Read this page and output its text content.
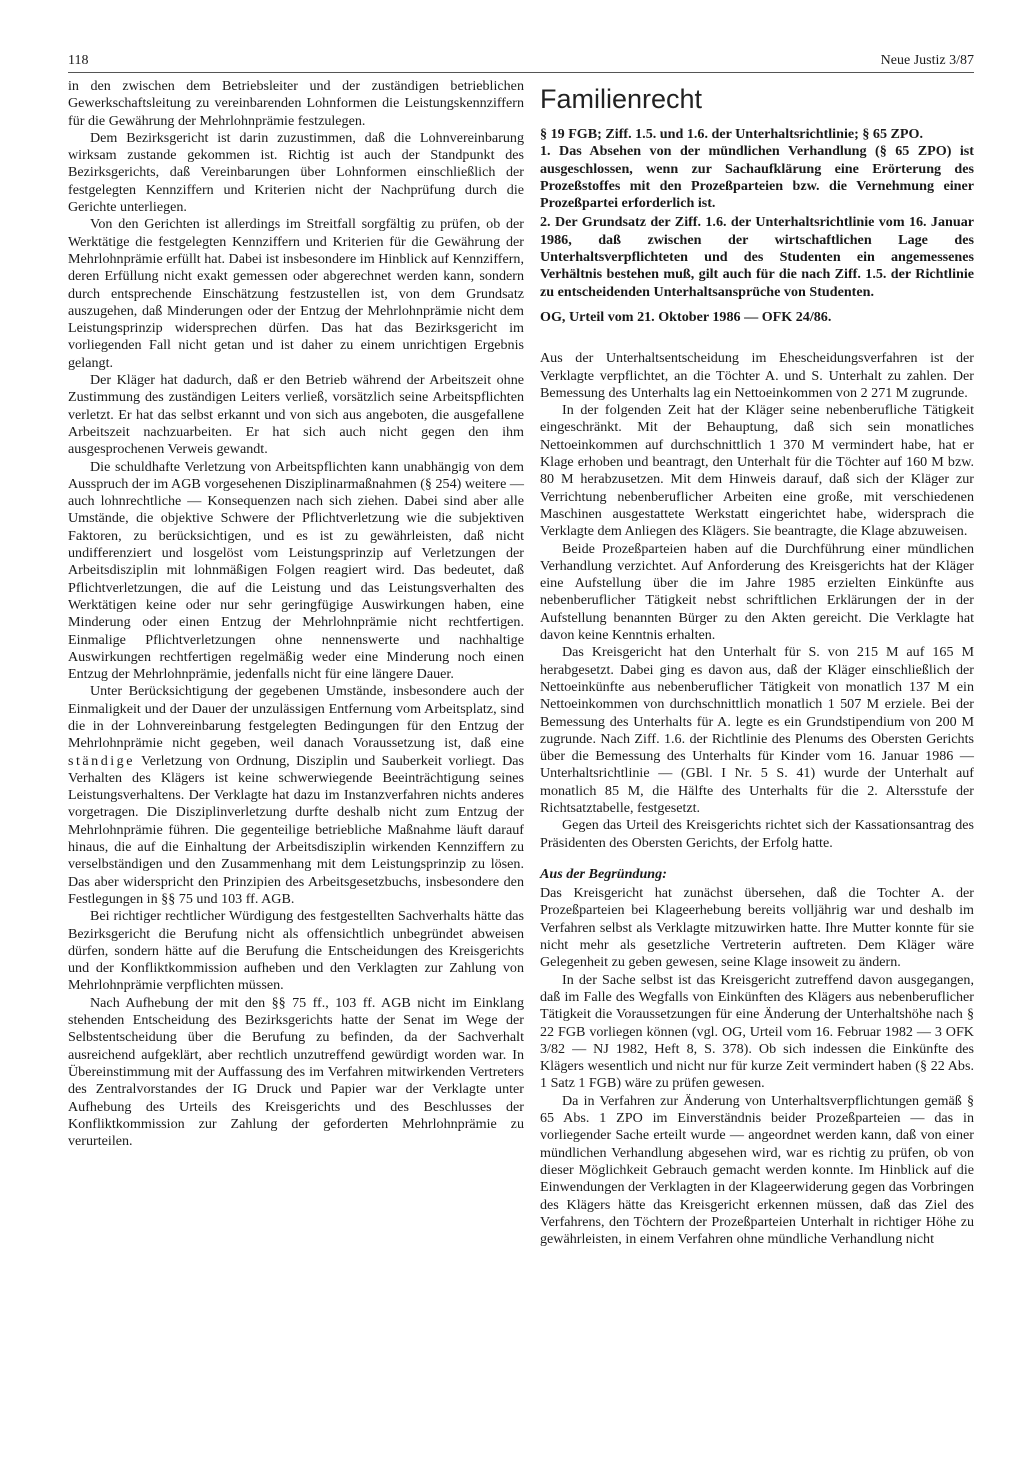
118	Neue Justiz 3/87

in den zwischen dem Betriebsleiter und der zuständigen betrieblichen Gewerkschaftsleitung zu vereinbarenden Lohnformen die Leistungskennziffern für die Gewährung der Mehrlohnprämie festzulegen.

Dem Bezirksgericht ist darin zuzustimmen, daß die Lohnvereinbarung wirksam zustande gekommen ist. Richtig ist auch der Standpunkt des Bezirksgerichts, daß Vereinbarungen über Lohnformen einschließlich der festgelegten Kennziffern und Kriterien nicht der Nachprüfung durch die Gerichte unterliegen.

Von den Gerichten ist allerdings im Streitfall sorgfältig zu prüfen, ob der Werktätige die festgelegten Kennziffern und Kriterien für die Gewährung der Mehrlohnprämie erfüllt hat. Dabei ist insbesondere im Hinblick auf Kennziffern, deren Erfüllung nicht exakt gemessen oder abgerechnet werden kann, sondern durch entsprechende Einschätzung festzustellen ist, von dem Grundsatz auszugehen, daß Minderungen oder der Entzug der Mehrlohnprämie nicht dem Leistungsprinzip widersprechen dürfen. Das hat das Bezirksgericht im vorliegenden Fall nicht getan und ist daher zu einem unrichtigen Ergebnis gelangt.

Der Kläger hat dadurch, daß er den Betrieb während der Arbeitszeit ohne Zustimmung des zuständigen Leiters verließ, vorsätzlich seine Arbeitspflichten verletzt. Er hat das selbst erkannt und von sich aus angeboten, die ausgefallene Arbeitszeit nachzuarbeiten. Er hat sich auch nicht gegen den ihm ausgesprochenen Verweis gewandt.

Die schuldhafte Verletzung von Arbeitspflichten kann unabhängig von dem Ausspruch der im AGB vorgesehenen Disziplinarmaßnahmen (§ 254) weitere — auch lohnrechtliche — Konsequenzen nach sich ziehen. Dabei sind aber alle Umstände, die objektive Schwere der Pflichtverletzung wie die subjektiven Faktoren, zu berücksichtigen, und es ist zu gewährleisten, daß nicht undifferenziert und losgelöst vom Leistungsprinzip auf Verletzungen der Arbeitsdisziplin mit lohnmäßigen Folgen reagiert wird. Das bedeutet, daß Pflichtverletzungen, die auf die Leistung und das Leistungsverhalten des Werktätigen keine oder nur sehr geringfügige Auswirkungen haben, eine Minderung oder einen Entzug der Mehrlohnprämie nicht rechtfertigen. Einmalige Pflichtverletzungen ohne nennenswerte und nachhaltige Auswirkungen rechtfertigen regelmäßig weder eine Minderung noch einen Entzug der Mehrlohnprämie, jedenfalls nicht für eine längere Dauer.

Unter Berücksichtigung der gegebenen Umstände, insbesondere auch der Einmaligkeit und der Dauer der unzulässigen Entfernung vom Arbeitsplatz, sind die in der Lohnvereinbarung festgelegten Bedingungen für den Entzug der Mehrlohnprämie nicht gegeben, weil danach Voraussetzung ist, daß eine ständige Verletzung von Ordnung, Disziplin und Sauberkeit vorliegt. Das Verhalten des Klägers ist keine schwerwiegende Beeinträchtigung seines Leistungsverhaltens. Der Verklagte hat dazu im Instanzverfahren nichts anderes vorgetragen. Die Disziplinverletzung durfte deshalb nicht zum Entzug der Mehrlohnprämie führen. Die gegenteilige betriebliche Maßnahme läuft darauf hinaus, die auf die Einhaltung der Arbeitsdisziplin wirkenden Kennziffern zu verselbständigen und den Zusammenhang mit dem Leistungsprinzip zu lösen. Das aber widerspricht den Prinzipien des Arbeitsgesetzbuchs, insbesondere den Festlegungen in §§ 75 und 103 ff. AGB.

Bei richtiger rechtlicher Würdigung des festgestellten Sachverhalts hätte das Bezirksgericht die Berufung nicht als offensichtlich unbegründet abweisen dürfen, sondern hätte auf die Berufung die Entscheidungen des Kreisgerichts und der Konfliktkommission aufheben und den Verklagten zur Zahlung von Mehrlohnprämie verpflichten müssen.

Nach Aufhebung der mit den §§ 75 ff., 103 ff. AGB nicht im Einklang stehenden Entscheidung des Bezirksgerichts hatte der Senat im Wege der Selbstentscheidung über die Berufung zu befinden, da der Sachverhalt ausreichend aufgeklärt, aber rechtlich unzutreffend gewürdigt worden war. In Übereinstimmung mit der Auffassung des im Verfahren mitwirkenden Vertreters des Zentralvorstandes der IG Druck und Papier war der Verklagte unter Aufhebung des Urteils des Kreisgerichts und des Beschlusses der Konfliktkommission zur Zahlung der geforderten Mehrlohnprämie zu verurteilen.

Familienrecht

§ 19 FGB; Ziff. 1.5. und 1.6. der Unterhaltsrichtlinie; § 65 ZPO.

1. Das Absehen von der mündlichen Verhandlung (§ 65 ZPO) ist ausgeschlossen, wenn zur Sachaufklärung eine Erörterung des Prozeßstoffes mit den Prozeßparteien bzw. die Vernehmung einer Prozeßpartei erforderlich ist.

2. Der Grundsatz der Ziff. 1.6. der Unterhaltsrichtlinie vom 16. Januar 1986, daß zwischen der wirtschaftlichen Lage des Unterhaltsverpflichteten und des Studenten ein angemessenes Verhältnis bestehen muß, gilt auch für die nach Ziff. 1.5. der Richtlinie zu entscheidenden Unterhaltsansprüche von Studenten.

OG, Urteil vom 21. Oktober 1986 — OFK 24/86.

Aus der Unterhaltsentscheidung im Ehescheidungsverfahren ist der Verklagte verpflichtet, an die Töchter A. und S. Unterhalt zu zahlen. Der Bemessung des Unterhalts lag ein Nettoeinkommen von 2 271 M zugrunde.

In der folgenden Zeit hat der Kläger seine nebenberufliche Tätigkeit eingeschränkt. Mit der Behauptung, daß sich sein monatliches Nettoeinkommen auf durchschnittlich 1 370 M vermindert habe, hat er Klage erhoben und beantragt, den Unterhalt für die Töchter auf 160 M bzw. 80 M herabzusetzen. Mit dem Hinweis darauf, daß sich der Kläger zur Verrichtung nebenberuflicher Arbeiten eine große, mit verschiedenen Maschinen ausgestattete Werkstatt eingerichtet habe, widersprach die Verklagte dem Anliegen des Klägers. Sie beantragte, die Klage abzuweisen.

Beide Prozeßparteien haben auf die Durchführung einer mündlichen Verhandlung verzichtet. Auf Anforderung des Kreisgerichts hat der Kläger eine Aufstellung über die im Jahre 1985 erzielten Einkünfte aus nebenberuflicher Tätigkeit nebst schriftlichen Erklärungen der in der Aufstellung benannten Bürger zu den Akten gereicht. Die Verklagte hat davon keine Kenntnis erhalten.

Das Kreisgericht hat den Unterhalt für S. von 215 M auf 165 M herabgesetzt. Dabei ging es davon aus, daß der Kläger einschließlich der Nettoeinkünfte aus nebenberuflicher Tätigkeit von monatlich 137 M ein Nettoeinkommen von durchschnittlich monatlich 1 507 M erziele. Bei der Bemessung des Unterhalts für A. legte es ein Grundstipendium von 200 M zugrunde. Nach Ziff. 1.6. der Richtlinie des Plenums des Obersten Gerichts über die Bemessung des Unterhalts für Kinder vom 16. Januar 1986 — Unterhaltsrichtlinie — (GBl. I Nr. 5 S. 41) wurde der Unterhalt auf monatlich 85 M, die Hälfte des Unterhalts für die 2. Altersstufe der Richtsatztabelle, festgesetzt.

Gegen das Urteil des Kreisgerichts richtet sich der Kassationsantrag des Präsidenten des Obersten Gerichts, der Erfolg hatte.

Aus der Begründung:

Das Kreisgericht hat zunächst übersehen, daß die Tochter A. der Prozeßparteien bei Klageerhebung bereits volljährig war und deshalb im Verfahren selbst als Verklagte mitzuwirken hatte. Ihre Mutter konnte für sie nicht mehr als gesetzliche Vertreterin auftreten. Dem Kläger wäre Gelegenheit zu geben gewesen, seine Klage insoweit zu ändern.

In der Sache selbst ist das Kreisgericht zutreffend davon ausgegangen, daß im Falle des Wegfalls von Einkünften des Klägers aus nebenberuflicher Tätigkeit die Voraussetzungen für eine Änderung der Unterhaltshöhe nach § 22 FGB vorliegen können (vgl. OG, Urteil vom 16. Februar 1982 — 3 OFK 3/82 — NJ 1982, Heft 8, S. 378). Ob sich indessen die Einkünfte des Klägers wesentlich und nicht nur für kurze Zeit vermindert haben (§ 22 Abs. 1 Satz 1 FGB) wäre zu prüfen gewesen.

Da in Verfahren zur Änderung von Unterhaltsverpflichtungen gemäß § 65 Abs. 1 ZPO im Einverständnis beider Prozeßparteien — das in vorliegender Sache erteilt wurde — angeordnet werden kann, daß von einer mündlichen Verhandlung abgesehen wird, war es richtig zu prüfen, ob von dieser Möglichkeit Gebrauch gemacht werden konnte. Im Hinblick auf die Einwendungen der Verklagten in der Klageerwiderung gegen das Vorbringen des Klägers hätte das Kreisgericht erkennen müssen, daß das Ziel des Verfahrens, den Töchtern der Prozeßparteien Unterhalt in richtiger Höhe zu gewährleisten, in einem Verfahren ohne mündliche Verhandlung nicht
